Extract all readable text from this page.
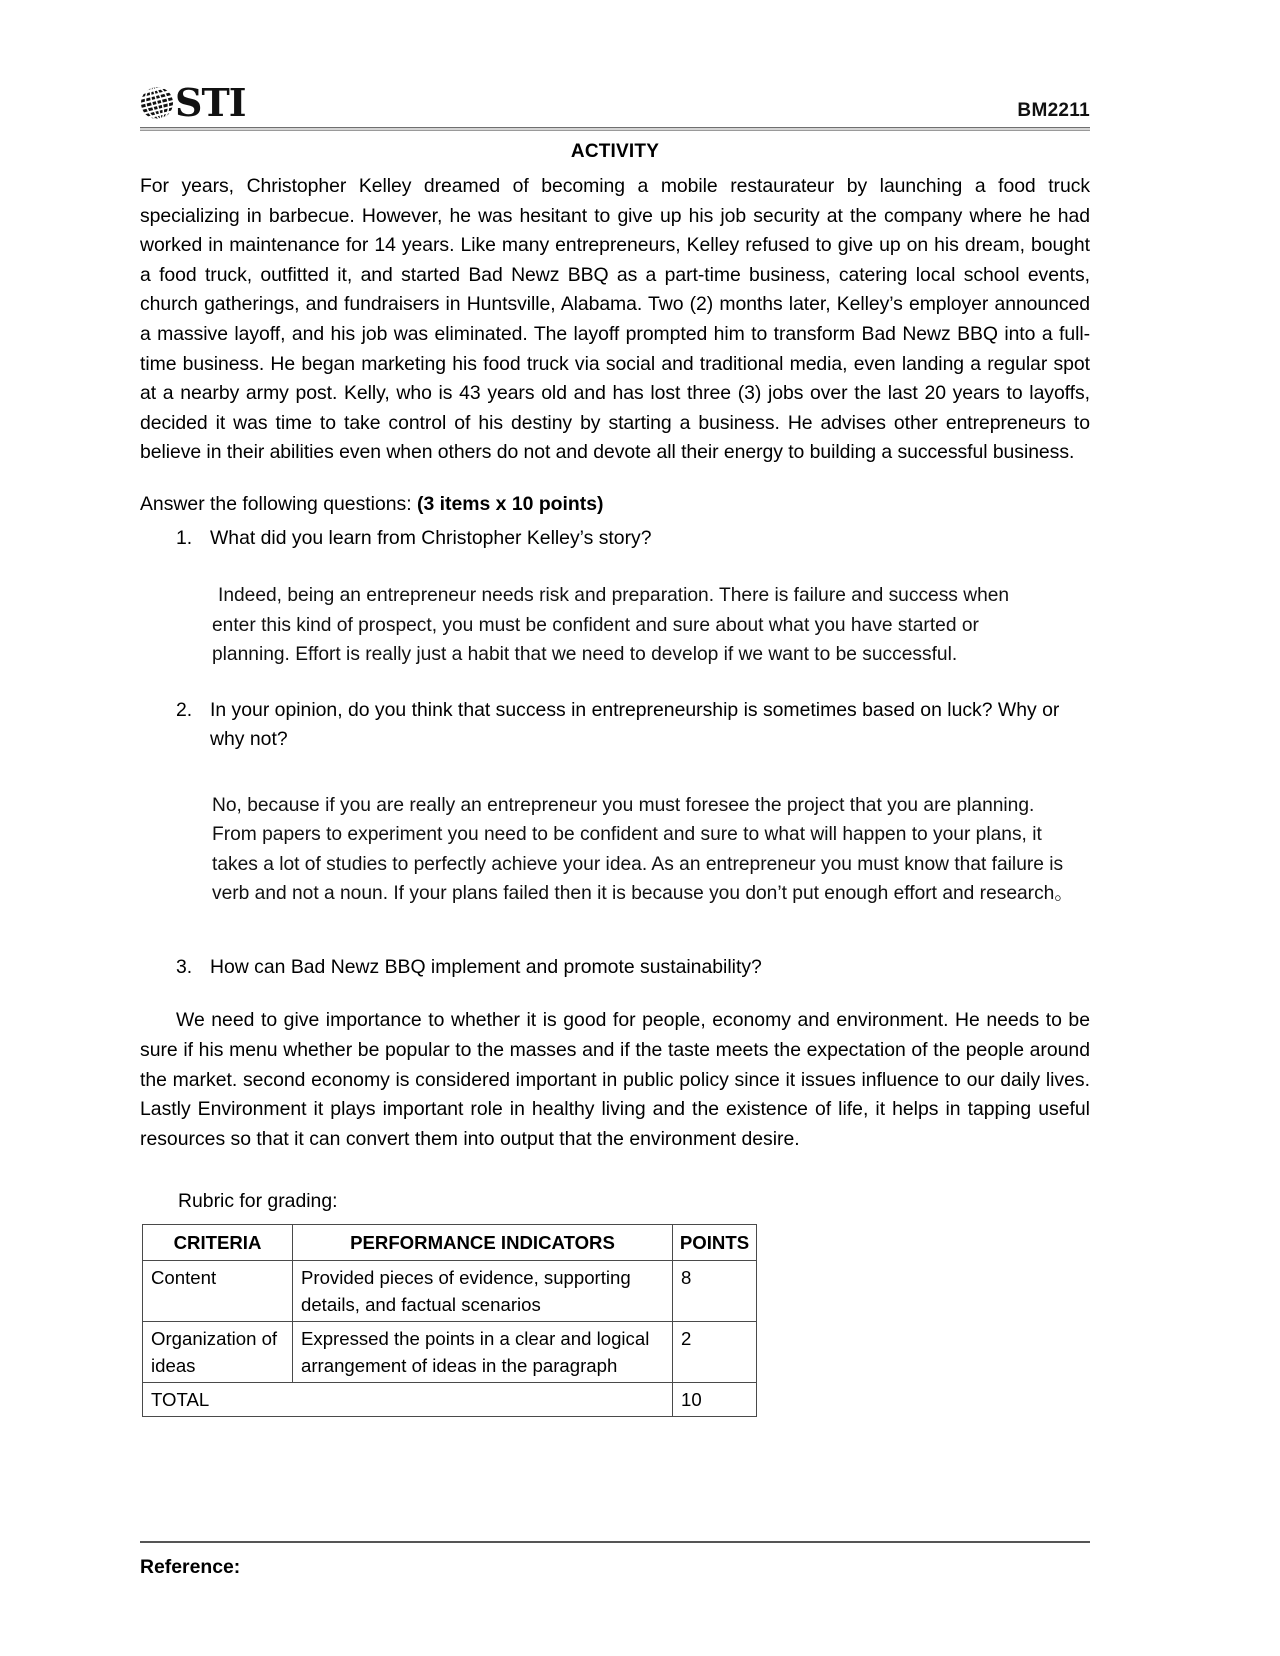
STI	BM2211
ACTIVITY

For years, Christopher Kelley dreamed of becoming a mobile restaurateur by launching a food truck specializing in barbecue. However, he was hesitant to give up his job security at the company where he had worked in maintenance for 14 years. Like many entrepreneurs, Kelley refused to give up on his dream, bought a food truck, outfitted it, and started Bad Newz BBQ as a part-time business, catering local school events, church gatherings, and fundraisers in Huntsville, Alabama. Two (2) months later, Kelley’s employer announced a massive layoff, and his job was eliminated. The layoff prompted him to transform Bad Newz BBQ into a full-time business. He began marketing his food truck via social and traditional media, even landing a regular spot at a nearby army post. Kelly, who is 43 years old and has lost three (3) jobs over the last 20 years to layoffs, decided it was time to take control of his destiny by starting a business. He advises other entrepreneurs to believe in their abilities even when others do not and devote all their energy to building a successful business.

Answer the following questions: (3 items x 10 points)

1. What did you learn from Christopher Kelley’s story?

Indeed, being an entrepreneur needs risk and preparation. There is failure and success when enter this kind of prospect, you must be confident and sure about what you have started or planning. Effort is really just a habit that we need to develop if we want to be successful.

2. In your opinion, do you think that success in entrepreneurship is sometimes based on luck? Why or why not?

No, because if you are really an entrepreneur you must foresee the project that you are planning. From papers to experiment you need to be confident and sure to what will happen to your plans, it takes a lot of studies to perfectly achieve your idea. As an entrepreneur you must know that failure is verb and not a noun. If your plans failed then it is because you don’t put enough effort and research。

3. How can Bad Newz BBQ implement and promote sustainability?

We need to give importance to whether it is good for people, economy and environment. He needs to be sure if his menu whether be popular to the masses and if the taste meets the expectation of the people around the market. second economy is considered important in public policy since it issues influence to our daily lives. Lastly Environment it plays important role in healthy living and the existence of life, it helps in tapping useful resources so that it can convert them into output that the environment desire.

Rubric for grading:
CRITERIA	PERFORMANCE INDICATORS	POINTS
Content	Provided pieces of evidence, supporting details, and factual scenarios	8
Organization of ideas	Expressed the points in a clear and logical arrangement of ideas in the paragraph	2
TOTAL		10
Reference:
